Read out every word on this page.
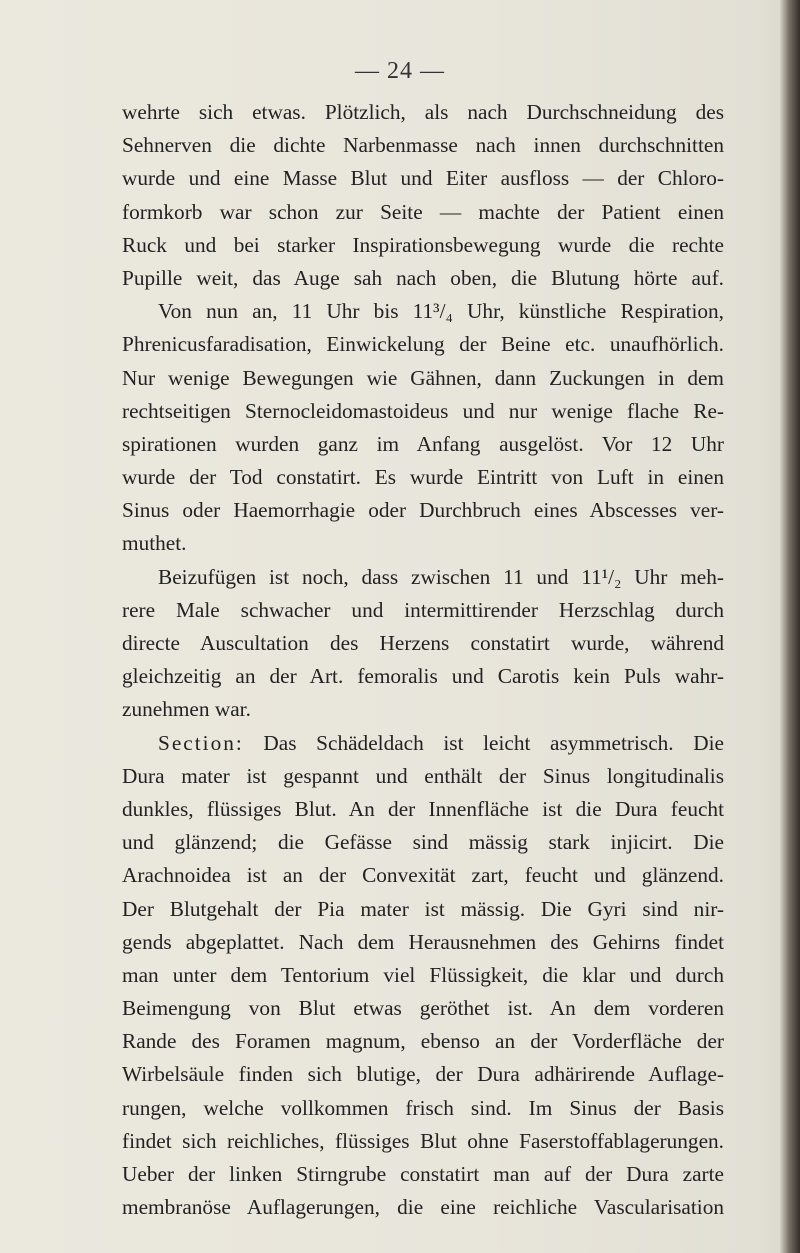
— 24 —
wehrte sich etwas. Plötzlich, als nach Durchschneidung des
Sehnerven die dichte Narbenmasse nach innen durchschnitten
wurde und eine Masse Blut und Eiter ausfloss — der Chloro-
formkorb war schon zur Seite — machte der Patient einen
Ruck und bei starker Inspirationsbewegung wurde die rechte
Pupille weit, das Auge sah nach oben, die Blutung hörte auf.
Von nun an, 11 Uhr bis 11³/₄ Uhr, künstliche Respiration,
Phrenicusfaradisation, Einwickelung der Beine etc. unaufhörlich.
Nur wenige Bewegungen wie Gähnen, dann Zuckungen in dem
rechtseitigen Sternocleidomastoideus und nur wenige flache Re-
spirationen wurden ganz im Anfang ausgelöst. Vor 12 Uhr
wurde der Tod constatirt. Es wurde Eintritt von Luft in einen
Sinus oder Haemorrhagie oder Durchbruch eines Abscesses ver-
muthet.
Beizufügen ist noch, dass zwischen 11 und 11¹/₂ Uhr meh-
rere Male schwacher und intermittirender Herzschlag durch
directe Auscultation des Herzens constatirt wurde, während
gleichzeitig an der Art. femoralis und Carotis kein Puls wahr-
zunehmen war.
Section: Das Schädeldach ist leicht asymmetrisch. Die
Dura mater ist gespannt und enthält der Sinus longitudinalis
dunkles, flüssiges Blut. An der Innenfläche ist die Dura feucht
und glänzend; die Gefässe sind mässig stark injicirt. Die
Arachnoidea ist an der Convexität zart, feucht und glänzend.
Der Blutgehalt der Pia mater ist mässig. Die Gyri sind nir-
gends abgeplattet. Nach dem Herausnehmen des Gehirns findet
man unter dem Tentorium viel Flüssigkeit, die klar und durch
Beimengung von Blut etwas geröthet ist. An dem vorderen
Rande des Foramen magnum, ebenso an der Vorderfläche der
Wirbelsäule finden sich blutige, der Dura adhärirende Auflage-
rungen, welche vollkommen frisch sind. Im Sinus der Basis
findet sich reichliches, flüssiges Blut ohne Faserstoffablagerungen.
Ueber der linken Stirngrube constatirt man auf der Dura zarte
membranöse Auflagerungen, die eine reichliche Vascularisation
